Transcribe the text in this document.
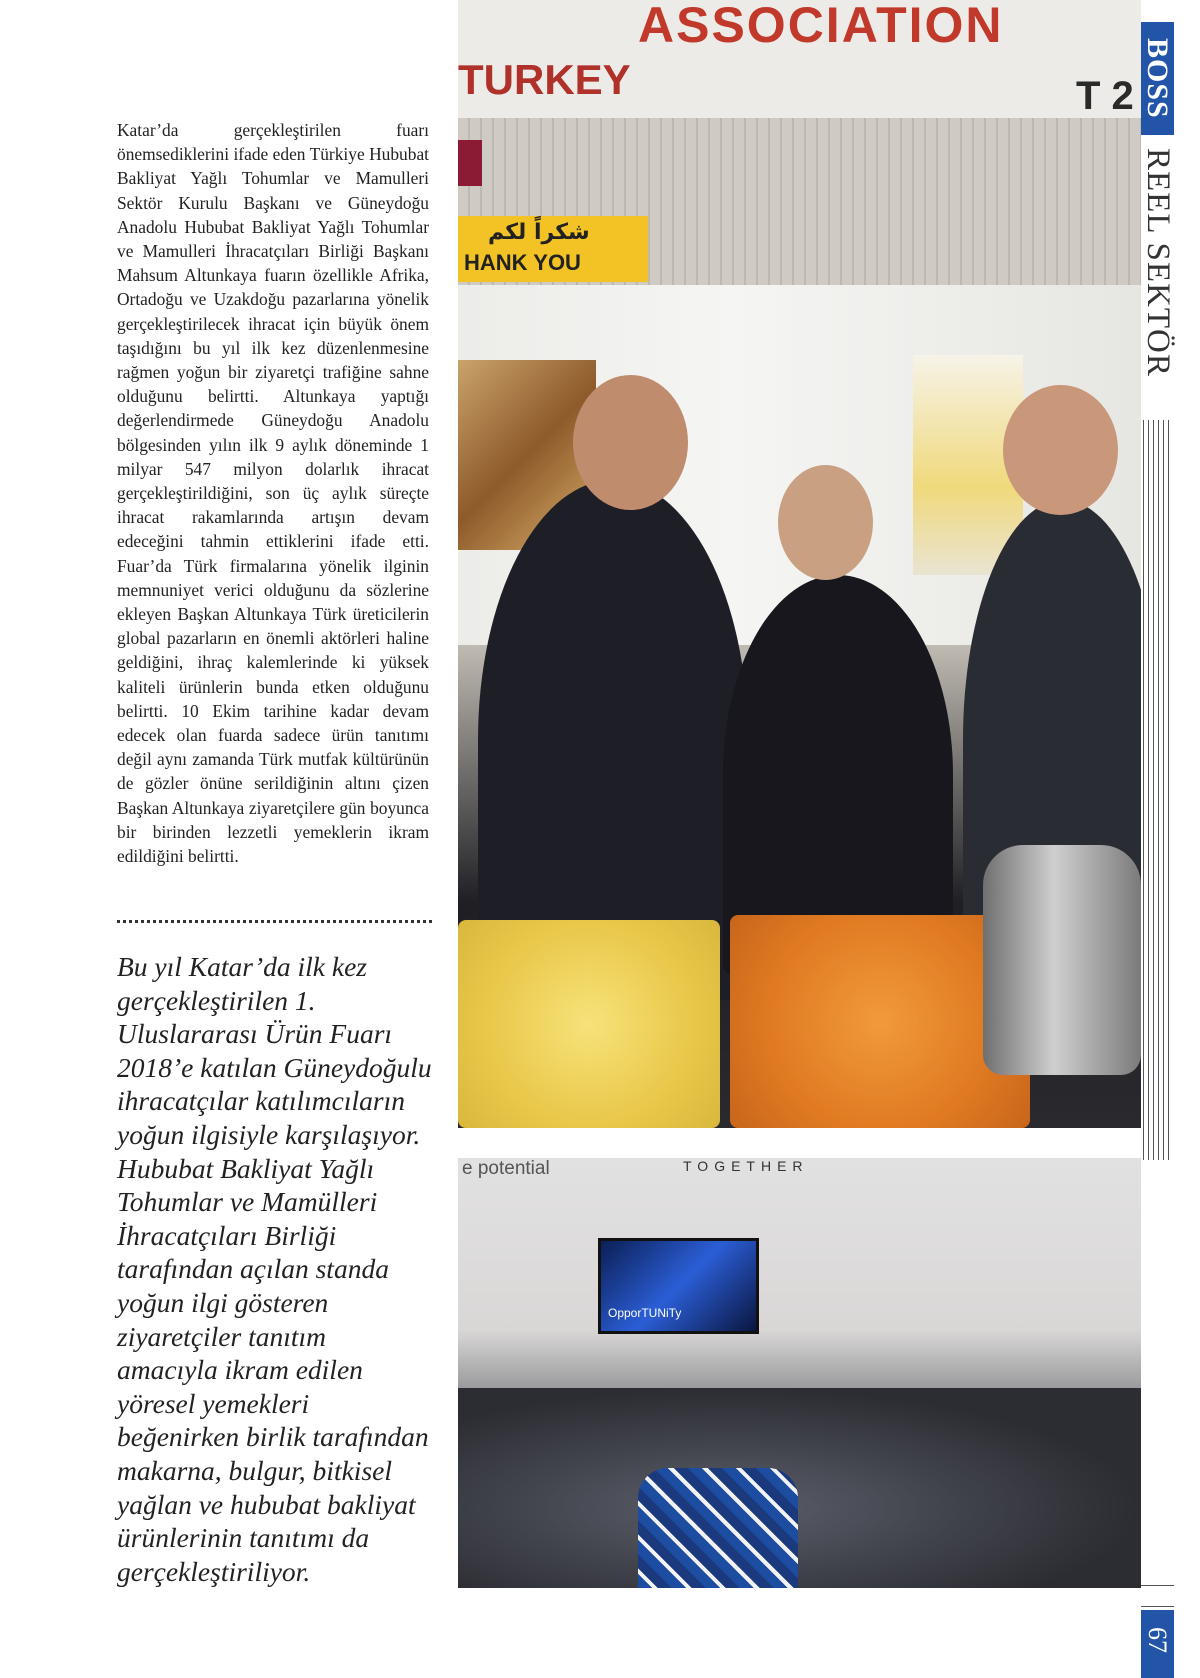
Katar’da gerçekleştirilen fuarı önemsediklerini ifade eden Türkiye Hububat Bakliyat Yağlı Tohumlar ve Mamulleri Sektör Kurulu Başkanı ve Güneydoğu Anadolu Hububat Bakliyat Yağlı Tohumlar ve Mamulleri İhracatçıları Birliği Başkanı Mahsum Altunkaya fuarın özellikle Afrika, Ortadoğu ve Uzakdoğu pazarlarına yönelik gerçekleştirilecek ihracat için büyük önem taşıdığını bu yıl ilk kez düzenlenmesine rağmen yoğun bir ziyaretçi trafiğine sahne olduğunu belirtti. Altunkaya yaptığı değerlendirmede Güneydoğu Anadolu bölgesinden yılın ilk 9 aylık döneminde 1 milyar 547 milyon dolarlık ihracat gerçekleştirildiğini, son üç aylık süreçte ihracat rakamlarında artışın devam edeceğini tahmin ettiklerini ifade etti. Fuar’da Türk firmalarına yönelik ilginin memnuniyet verici olduğunu da sözlerine ekleyen Başkan Altunkaya Türk üreticilerin global pazarların en önemli aktörleri haline geldiğini, ihraç kalemlerinde ki yüksek kaliteli ürünlerin bunda etken olduğunu belirtti. 10 Ekim tarihine kadar devam edecek olan fuarda sadece ürün tanıtımı değil aynı zamanda Türk mutfak kültürünün de gözler önüne serildiğinin altını çizen Başkan Altunkaya ziyaretçilere gün boyunca bir birinden lezzetli yemeklerin ikram edildiğini belirtti.
Bu yıl Katar’da ilk kez gerçekleştirilen 1. Uluslararası Ürün Fuarı 2018’e katılan Güneydoğulu ihracatçılar katılımcıların yoğun ilgisiyle karşılaşıyor. Hububat Bakliyat Yağlı Tohumlar ve Mamülleri İhracatçıları Birliği tarafından açılan standa yoğun ilgi gösteren ziyaretçiler tanıtım amacıyla ikram edilen yöresel yemekleri beğenirken birlik tarafından makarna, bulgur, bitkisel yağlan ve hububat bakliyat ürünlerinin tanıtımı da gerçekleştiriliyor.
ASSOCIATION
TURKEY	T 2
شكراً لكم
HANK YOU
e potential	TOGETHER
OpporTUNiTy
BOSS
REEL SEKTÖR
67
